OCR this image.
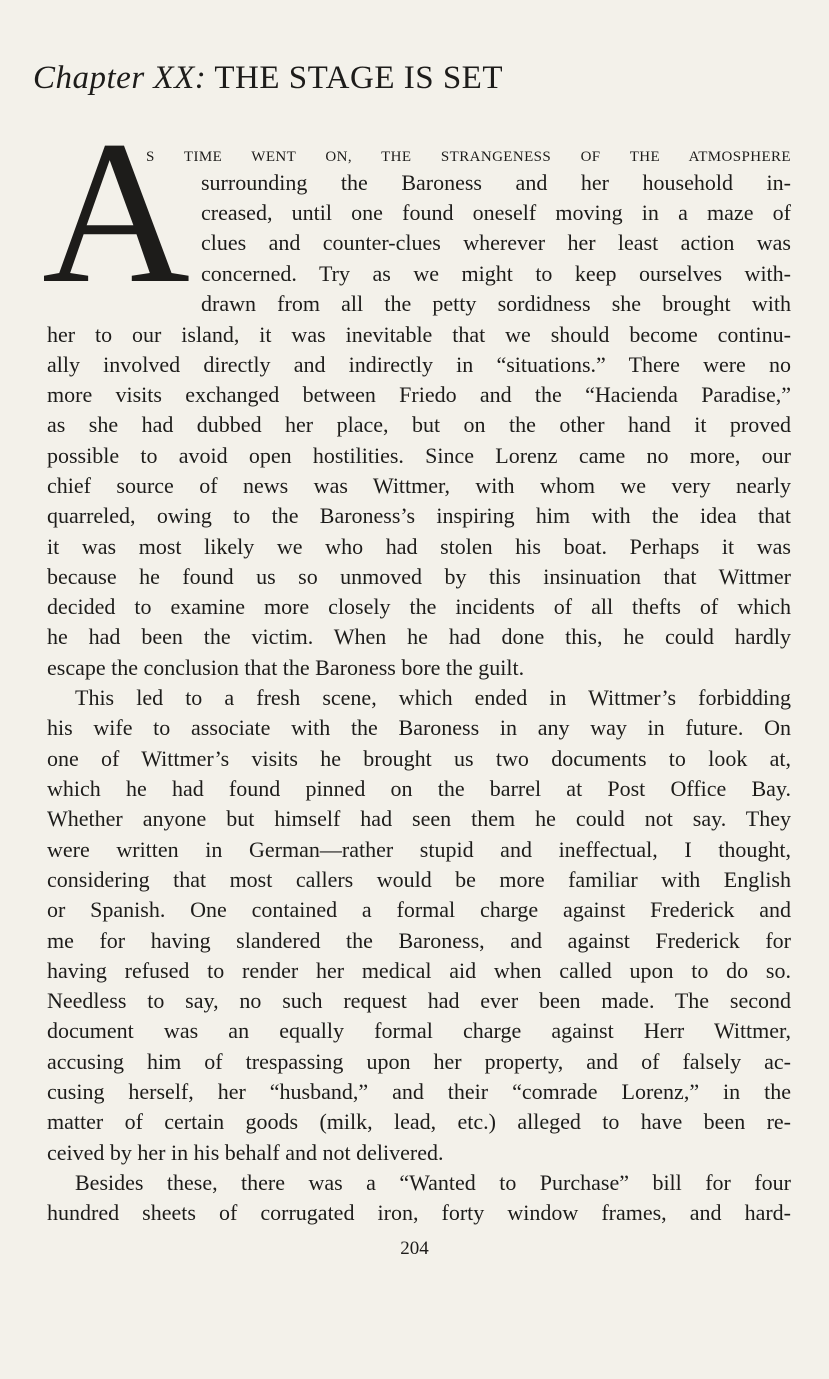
Chapter XX: THE STAGE IS SET
A
S TIME WENT ON, THE STRANGENESS OF THE ATMOSPHERE
surrounding the Baroness and her household in-
creased, until one found oneself moving in a maze of
clues and counter-clues wherever her least action was
concerned. Try as we might to keep ourselves with-
drawn from all the petty sordidness she brought with
her to our island, it was inevitable that we should become continu-
ally involved directly and indirectly in “situations.” There were no
more visits exchanged between Friedo and the “Hacienda Paradise,”
as she had dubbed her place, but on the other hand it proved
possible to avoid open hostilities. Since Lorenz came no more, our
chief source of news was Wittmer, with whom we very nearly
quarreled, owing to the Baroness’s inspiring him with the idea that
it was most likely we who had stolen his boat. Perhaps it was
because he found us so unmoved by this insinuation that Wittmer
decided to examine more closely the incidents of all thefts of which
he had been the victim. When he had done this, he could hardly
escape the conclusion that the Baroness bore the guilt.
This led to a fresh scene, which ended in Wittmer’s forbidding
his wife to associate with the Baroness in any way in future. On
one of Wittmer’s visits he brought us two documents to look at,
which he had found pinned on the barrel at Post Office Bay.
Whether anyone but himself had seen them he could not say. They
were written in German—rather stupid and ineffectual, I thought,
considering that most callers would be more familiar with English
or Spanish. One contained a formal charge against Frederick and
me for having slandered the Baroness, and against Frederick for
having refused to render her medical aid when called upon to do so.
Needless to say, no such request had ever been made. The second
document was an equally formal charge against Herr Wittmer,
accusing him of trespassing upon her property, and of falsely ac-
cusing herself, her “husband,” and their “comrade Lorenz,” in the
matter of certain goods (milk, lead, etc.) alleged to have been re-
ceived by her in his behalf and not delivered.
Besides these, there was a “Wanted to Purchase” bill for four
hundred sheets of corrugated iron, forty window frames, and hard-
204
